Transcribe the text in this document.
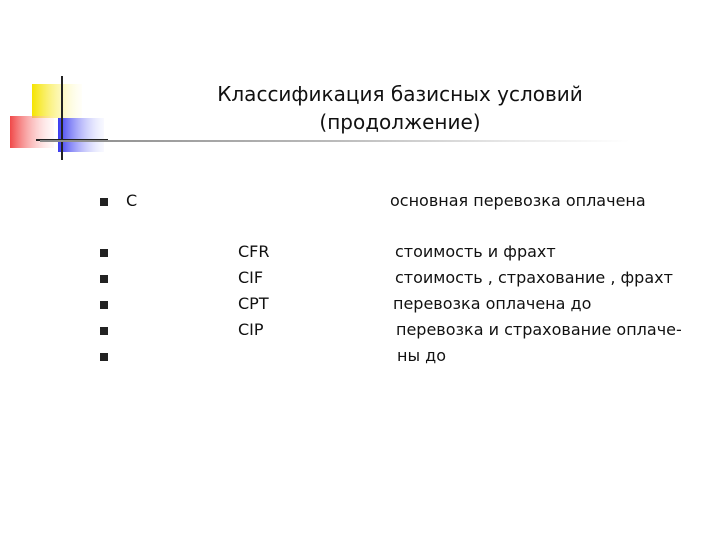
Классификация базисных условий
(продолжение)
C	основная перевозка оплачена
CFR	стоимость и фрахт
CIF	стоимость , страхование , фрахт
CPT	перевозка оплачена до
CIP	перевозка и страхование оплаче-
ны до
